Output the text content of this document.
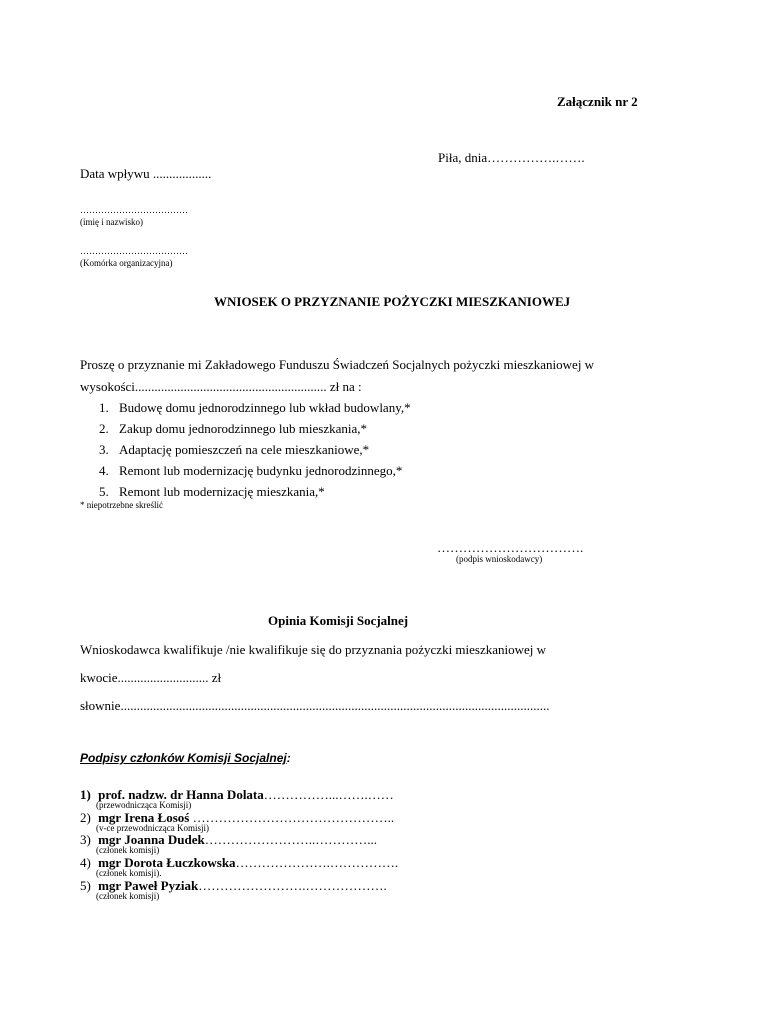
Załącznik nr 2
Piła, dnia…………….…….
Data wpływu ..................
………………………………
(imię i nazwisko)
………………………………
(Komórka organizacyjna)
WNIOSEK O PRZYZNANIE POŻYCZKI MIESZKANIOWEJ
Proszę o przyznanie mi Zakładowego Funduszu Świadczeń Socjalnych pożyczki mieszkaniowej w
wysokości........................................................... zł na :
1. Budowę domu jednorodzinnego lub wkład budowlany,*
2. Zakup domu jednorodzinnego lub mieszkania,*
3. Adaptację pomieszczeń na cele mieszkaniowe,*
4. Remont lub modernizację budynku jednorodzinnego,*
5. Remont lub modernizację mieszkania,*
* niepotrzebne skreślić
…………………………….
(podpis wnioskodawcy)
Opinia Komisji Socjalnej
Wnioskodawca kwalifikuje /nie kwalifikuje się do przyznania pożyczki mieszkaniowej w
kwocie............................ zł
słownie....................................................................................................................................
Podpisy członków Komisji Socjalnej:
1) prof. nadzw. dr Hanna Dolata……………...…….……
(przewodnicząca Komisji)
2) mgr Irena Łosoś ………………………………………..
(v-ce przewodnicząca Komisji)
3) mgr Joanna Dudek……………………..…………...
(członek komisji)
4) mgr Dorota Łuczkowska………………….…………….
(członek komisji).
5) mgr Paweł Pyziak…………………….……………….
(członek komisji)
